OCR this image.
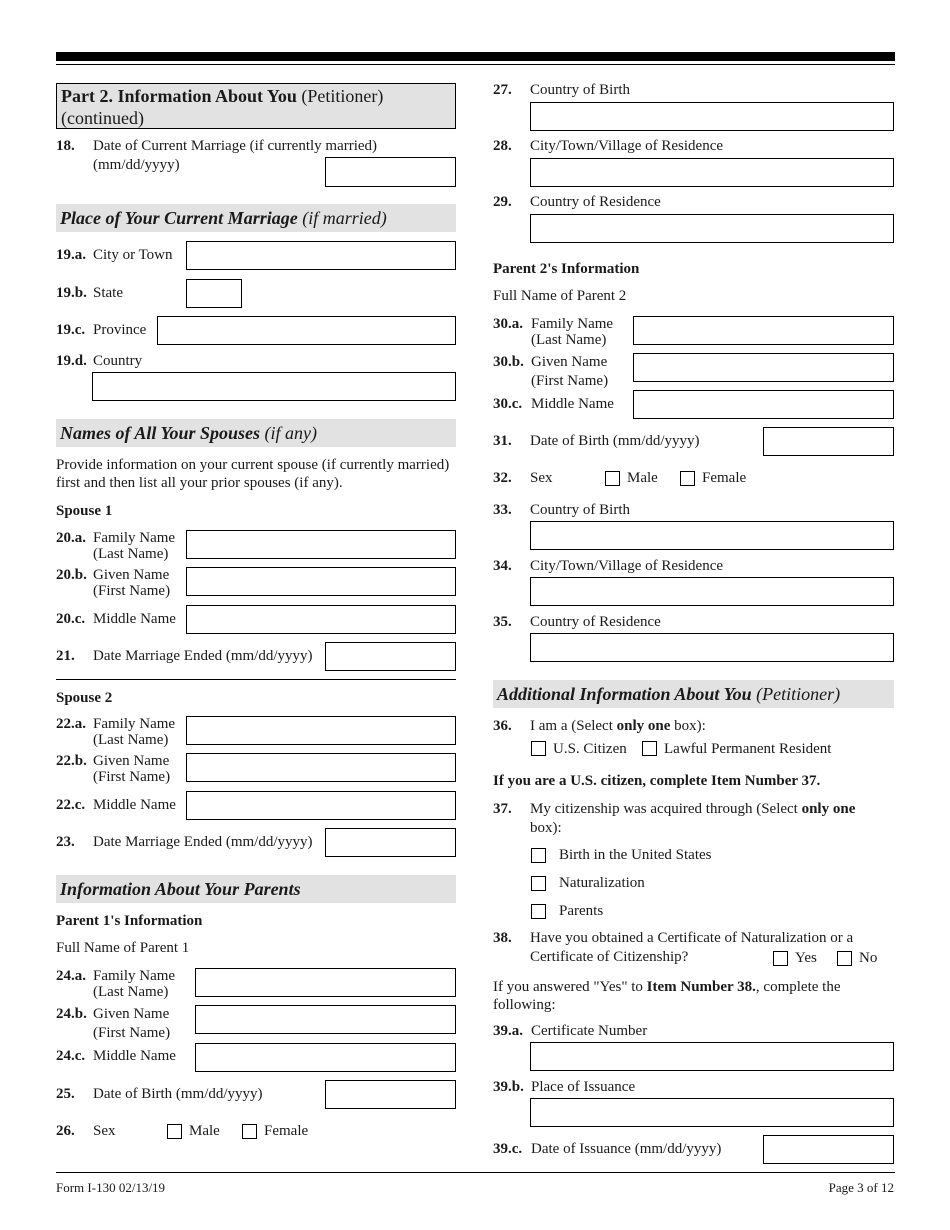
Part 2. Information About You (Petitioner)
(continued)
18. Date of Current Marriage (if currently married)
(mm/dd/yyyy)
Place of Your Current Marriage (if married)
19.a. City or Town
19.b. State
19.c. Province
19.d. Country
Names of All Your Spouses (if any)
Provide information on your current spouse (if currently married)
first and then list all your prior spouses (if any).
Spouse 1
20.a. Family Name
(Last Name)
20.b. Given Name
(First Name)
20.c. Middle Name
21. Date Marriage Ended (mm/dd/yyyy)
Spouse 2
22.a. Family Name
(Last Name)
22.b. Given Name
(First Name)
22.c. Middle Name
23. Date Marriage Ended (mm/dd/yyyy)
Information About Your Parents
Parent 1's Information
Full Name of Parent 1
24.a. Family Name
(Last Name)
24.b. Given Name
(First Name)
24.c. Middle Name
25. Date of Birth (mm/dd/yyyy)
26. Sex	Male	Female
27. Country of Birth
28. City/Town/Village of Residence
29. Country of Residence
Parent 2's Information
Full Name of Parent 2
30.a. Family Name
(Last Name)
30.b. Given Name
(First Name)
30.c. Middle Name
31. Date of Birth (mm/dd/yyyy)
32. Sex	Male	Female
33. Country of Birth
34. City/Town/Village of Residence
35. Country of Residence
Additional Information About You (Petitioner)
36. I am a (Select only one box):
U.S. Citizen Lawful Permanent Resident
If you are a U.S. citizen, complete Item Number 37.
37. My citizenship was acquired through (Select only one
box):
Birth in the United States
Naturalization
Parents
38. Have you obtained a Certificate of Naturalization or a
Certificate of Citizenship?	Yes	No
If you answered "Yes" to Item Number 38., complete the
following:
39.a. Certificate Number
39.b. Place of Issuance
39.c. Date of Issuance (mm/dd/yyyy)
Form I-130 02/13/19	Page 3 of 12
